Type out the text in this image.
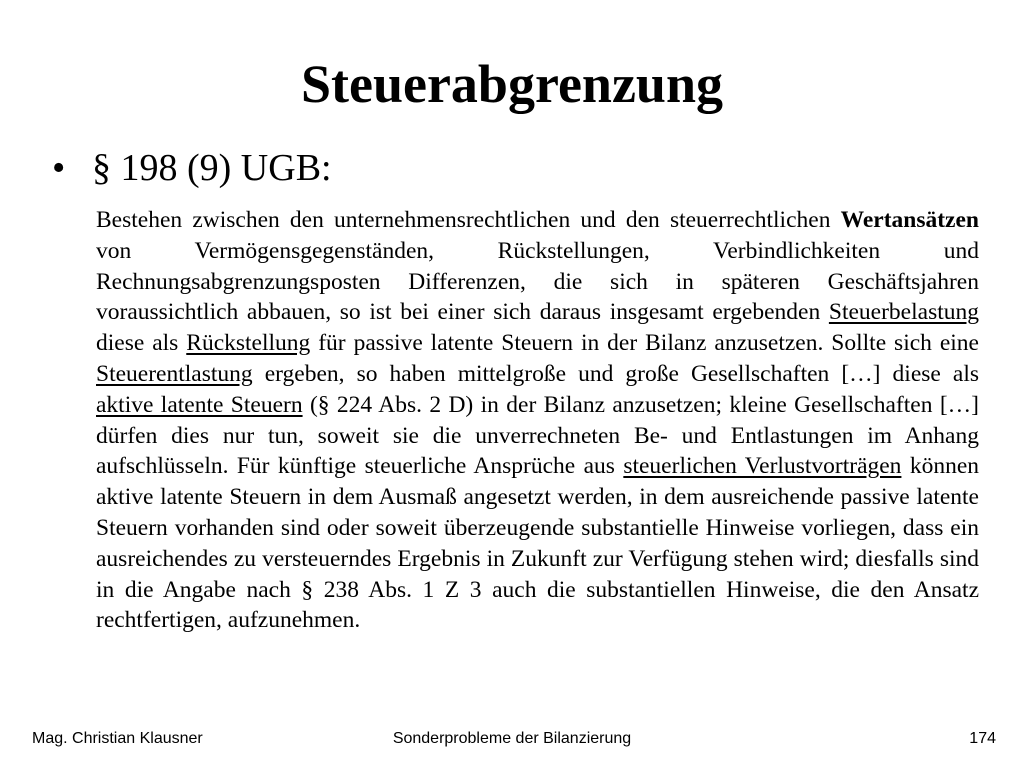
Steuerabgrenzung
• § 198 (9) UGB:
Bestehen zwischen den unternehmensrechtlichen und den steuerrechtlichen Wertansätzen von Vermögensgegenständen, Rückstellungen, Verbindlichkeiten und Rechnungsabgrenzungsposten Differenzen, die sich in späteren Geschäftsjahren voraussichtlich abbauen, so ist bei einer sich daraus insgesamt ergebenden Steuerbelastung diese als Rückstellung für passive latente Steuern in der Bilanz anzusetzen. Sollte sich eine Steuerentlastung ergeben, so haben mittelgroße und große Gesellschaften […] diese als aktive latente Steuern (§ 224 Abs. 2 D) in der Bilanz anzusetzen; kleine Gesellschaften […] dürfen dies nur tun, soweit sie die unverrechneten Be- und Entlastungen im Anhang aufschlüsseln. Für künftige steuerliche Ansprüche aus steuerlichen Verlustvorträgen können aktive latente Steuern in dem Ausmaß angesetzt werden, in dem ausreichende passive latente Steuern vorhanden sind oder soweit überzeugende substantielle Hinweise vorliegen, dass ein ausreichendes zu versteuerndes Ergebnis in Zukunft zur Verfügung stehen wird; diesfalls sind in die Angabe nach § 238 Abs. 1 Z 3 auch die substantiellen Hinweise, die den Ansatz rechtfertigen, aufzunehmen.
Mag. Christian Klausner	Sonderprobleme der Bilanzierung	174
